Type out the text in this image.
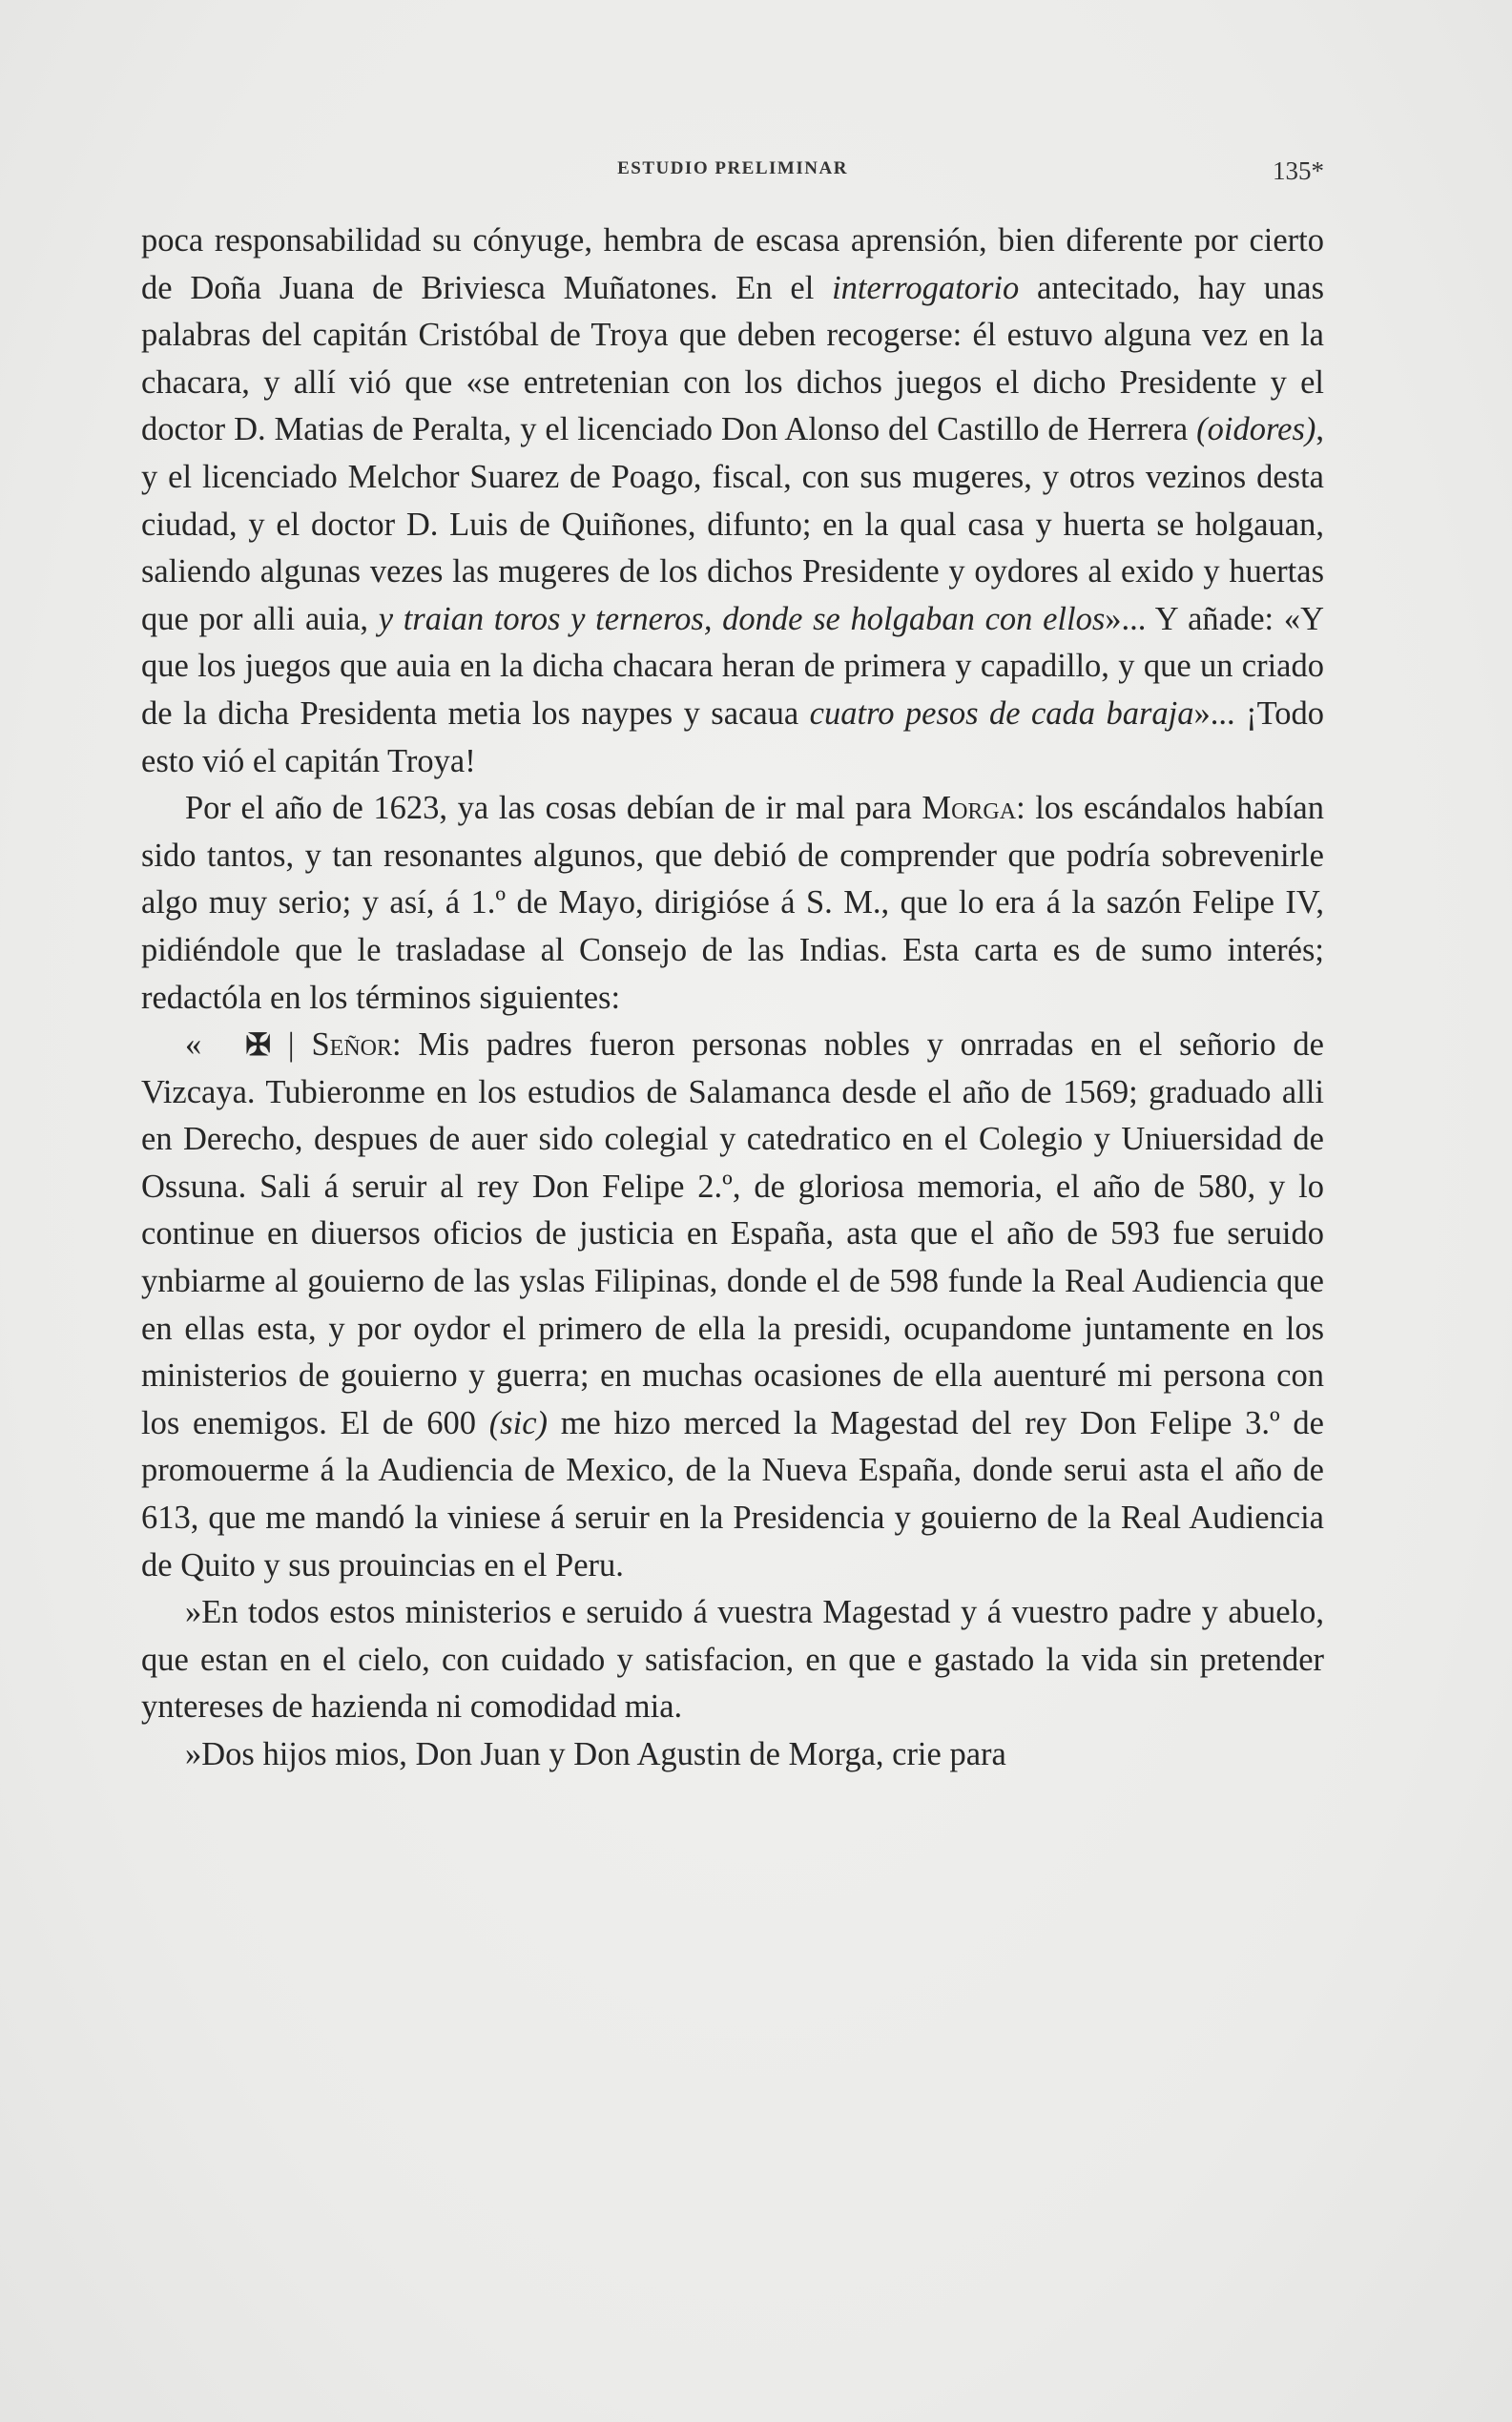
ESTUDIO PRELIMINAR	135*

poca responsabilidad su cónyuge, hembra de escasa aprensión, bien diferente por cierto de Doña Juana de Briviesca Muñatones. En el interrogatorio antecitado, hay unas palabras del capitán Cristóbal de Troya que deben recogerse: él estuvo alguna vez en la chacara, y allí vió que «se entretenian con los dichos juegos el dicho Presidente y el doctor D. Matias de Peralta, y el licenciado Don Alonso del Castillo de Herrera (oidores), y el licenciado Melchor Suarez de Poago, fiscal, con sus mugeres, y otros vezinos desta ciudad, y el doctor D. Luis de Quiñones, difunto; en la qual casa y huerta se holgauan, saliendo algunas vezes las mugeres de los dichos Presidente y oydores al exido y huertas que por alli auia, y traian toros y terneros, donde se holgaban con ellos»... Y añade: «Y que los juegos que auia en la dicha chacara heran de primera y capadillo, y que un criado de la dicha Presidenta metia los naypes y sacaua cuatro pesos de cada baraja»... ¡Todo esto vió el capitán Troya!

Por el año de 1623, ya las cosas debían de ir mal para Morga: los escándalos habían sido tantos, y tan resonantes algunos, que debió de comprender que podría sobrevenirle algo muy serio; y así, á 1.º de Mayo, dirigióse á S. M., que lo era á la sazón Felipe IV, pidiéndole que le trasladase al Consejo de las Indias. Esta carta es de sumo interés; redactóla en los términos siguientes:

« ✠ | Señor: Mis padres fueron personas nobles y onrradas en el señorio de Vizcaya. Tubieronme en los estudios de Salamanca desde el año de 1569; graduado alli en Derecho, despues de auer sido colegial y catedratico en el Colegio y Uniuersidad de Ossuna. Sali á seruir al rey Don Felipe 2.º, de gloriosa memoria, el año de 580, y lo continue en diuersos oficios de justicia en España, asta que el año de 593 fue seruido ynbiarme al gouierno de las yslas Filipinas, donde el de 598 funde la Real Audiencia que en ellas esta, y por oydor el primero de ella la presidi, ocupandome juntamente en los ministerios de gouierno y guerra; en muchas ocasiones de ella auenturé mi persona con los enemigos. El de 600 (sic) me hizo merced la Magestad del rey Don Felipe 3.º de promouerme á la Audiencia de Mexico, de la Nueva España, donde serui asta el año de 613, que me mandó la viniese á seruir en la Presidencia y gouierno de la Real Audiencia de Quito y sus prouincias en el Peru.

»En todos estos ministerios e seruido á vuestra Magestad y á vuestro padre y abuelo, que estan en el cielo, con cuidado y satisfacion, en que e gastado la vida sin pretender yntereses de hazienda ni comodidad mia.

»Dos hijos mios, Don Juan y Don Agustin de Morga, crie para
